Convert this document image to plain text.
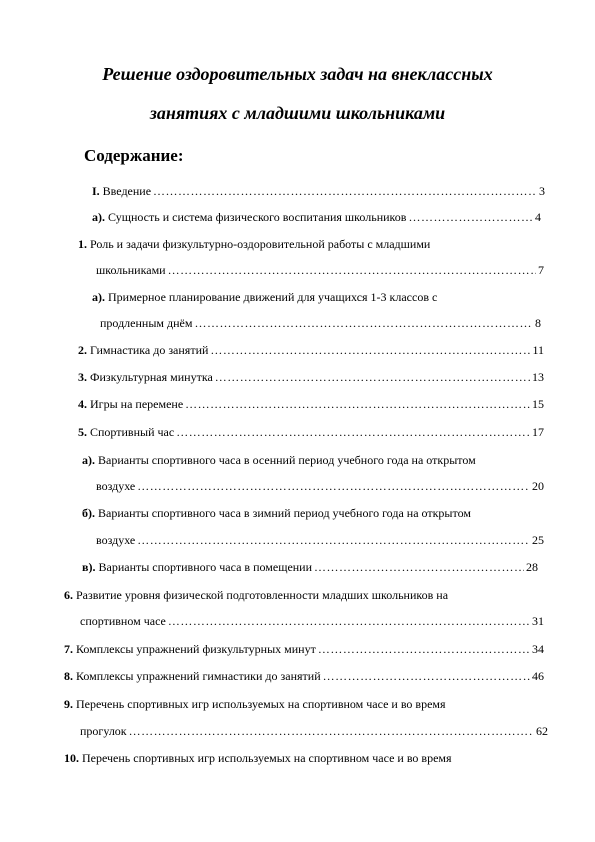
Решение оздоровительных задач на внеклассных
занятиях с младшими школьниками
Содержание:
I. Введение ……………………………………………………………………………………………………………………………………	3
а). Сущность и система физического воспитания школьников ……………………………………………………………………………………………………………………………………	4
1. Роль и задачи физкультурно-оздоровительной работы с младшими
школьниками ……………………………………………………………………………………………………………………………………	7
а). Примерное планирование движений для учащихся 1-3 классов с
продленным днём ……………………………………………………………………………………………………………………………………	8
2. Гимнастика до занятий ……………………………………………………………………………………………………………………………………	11
3. Физкультурная минутка ……………………………………………………………………………………………………………………………………	13
4. Игры на перемене ……………………………………………………………………………………………………………………………………	15
5. Спортивный час ……………………………………………………………………………………………………………………………………	17
а). Варианты спортивного часа в осенний период учебного года на открытом
воздухе ……………………………………………………………………………………………………………………………………	20
б). Варианты спортивного часа в зимний период учебного года на открытом
воздухе ……………………………………………………………………………………………………………………………………	25
в). Варианты спортивного часа в помещении ……………………………………………………………………………………………………………………………………	28
6. Развитие уровня физической подготовленности младших школьников на
спортивном часе ……………………………………………………………………………………………………………………………………	31
7. Комплексы упражнений физкультурных минут ……………………………………………………………………………………………………………………………………	34
8. Комплексы упражнений гимнастики до занятий ……………………………………………………………………………………………………………………………………	46
9. Перечень спортивных игр используемых на спортивном часе и во время
прогулок ……………………………………………………………………………………………………………………………………	62
10. Перечень спортивных игр используемых на спортивном часе и во время
